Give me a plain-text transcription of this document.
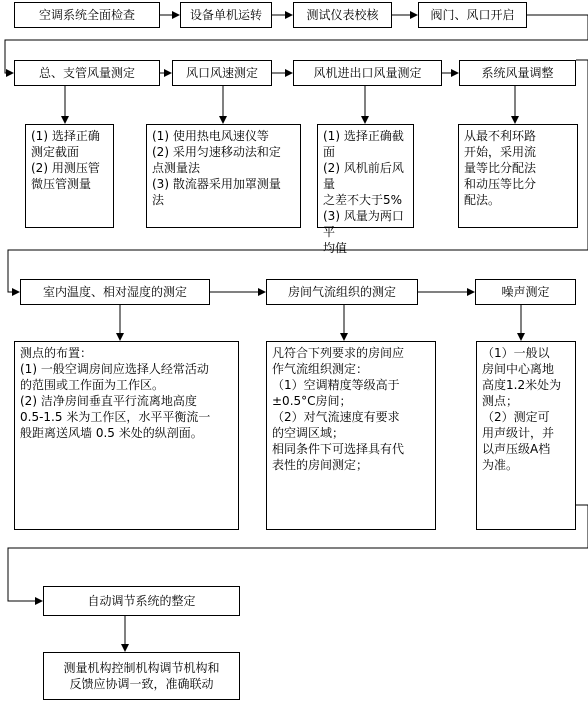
空调系统全面检查	设备单机运转	测试仪表校核	阀门、风口开启
总、支管风量测定	风口风速测定	风机进出口风量测定	系统风量调整
(1) 选择正确
测定截面
(2) 用测压管
微压管测量
(1) 使用热电风速仪等
(2) 采用匀速移动法和定
点测量法
(3) 散流器采用加罩测量
法
(1) 选择正确截面
(2) 风机前后风量
之差不大于5%
(3) 风量为两口平
均值
从最不利环路
开始，采用流
量等比分配法
和动压等比分
配法。
室内温度、相对湿度的测定	房间气流组织的测定	噪声测定
测点的布置：
(1) 一般空调房间应选择人经常活动
的范围或工作面为工作区。
(2) 洁净房间垂直平行流离地高度
0.5-1.5 米为工作区，水平平衡流一
般距离送风墙 0.5 米处的纵剖面。
凡符合下列要求的房间应
作气流组织测定：
（1）空调精度等级高于
±0.5°C房间；
（2）对气流速度有要求
的空调区域；
相同条件下可选择具有代
表性的房间测定；
（1）一般以
房间中心离地
高度1.2米处为
测点；
（2）测定可
用声级计，并
以声压级A档
为准。
自动调节系统的整定
测量机构控制机构调节机构和
反馈应协调一致，准确联动
